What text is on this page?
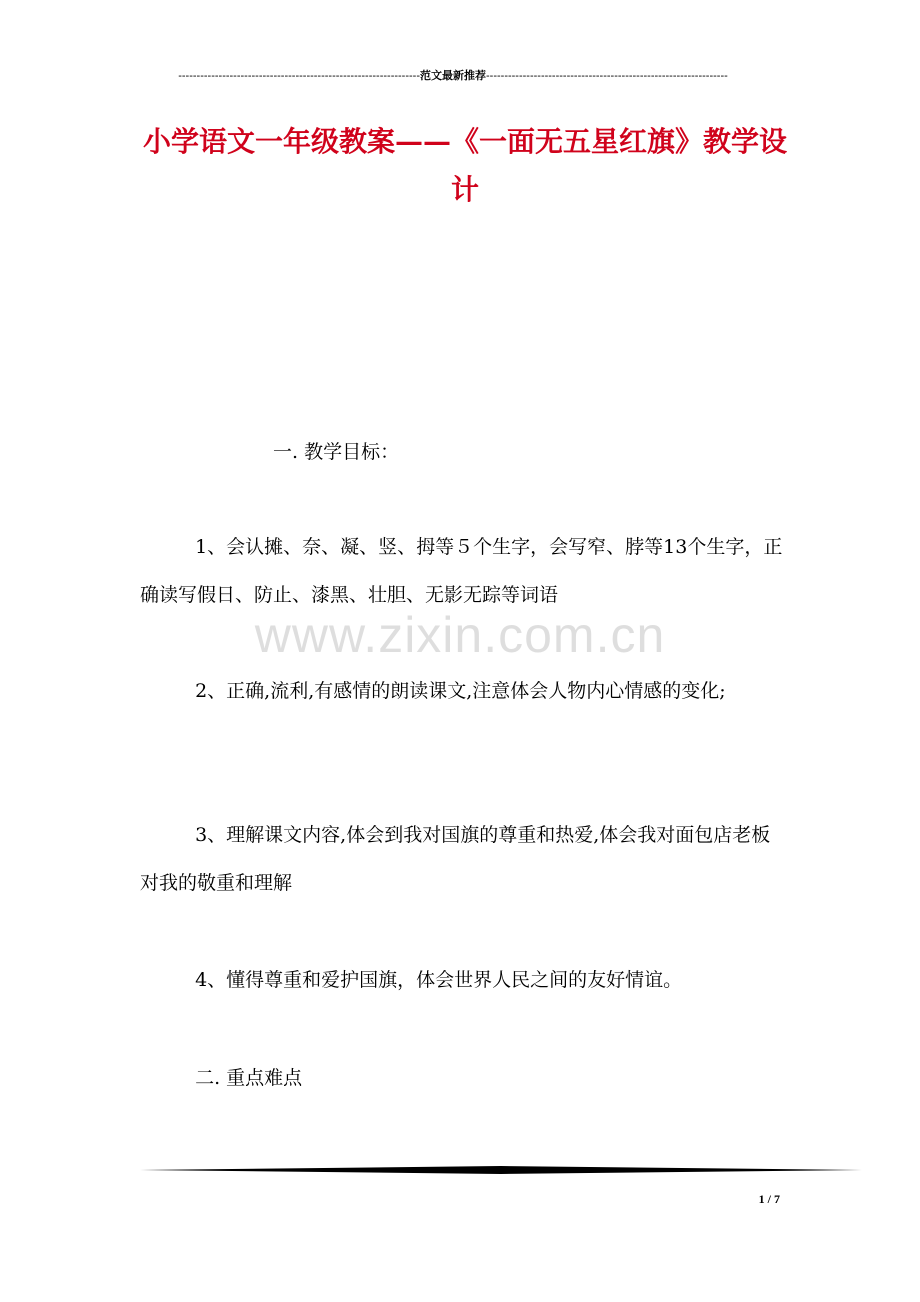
------------------------------------------------------------------范文最新推荐------------------------------------------------------------------
小学语文一年级教案——《一面无五星红旗》教学设计
一. 教学目标：
1、会认摊、奈、凝、竖、拇等５个生字，会写窄、脖等13个生字，正确读写假日、防止、漆黑、壮胆、无影无踪等词语
2、正确,流利,有感情的朗读课文,注意体会人物内心情感的变化;
3、理解课文内容,体会到我对国旗的尊重和热爱,体会我对面包店老板对我的敬重和理解
4、懂得尊重和爱护国旗，体会世界人民之间的友好情谊。
二. 重点难点
www.zixin.com.cn
1 / 7
